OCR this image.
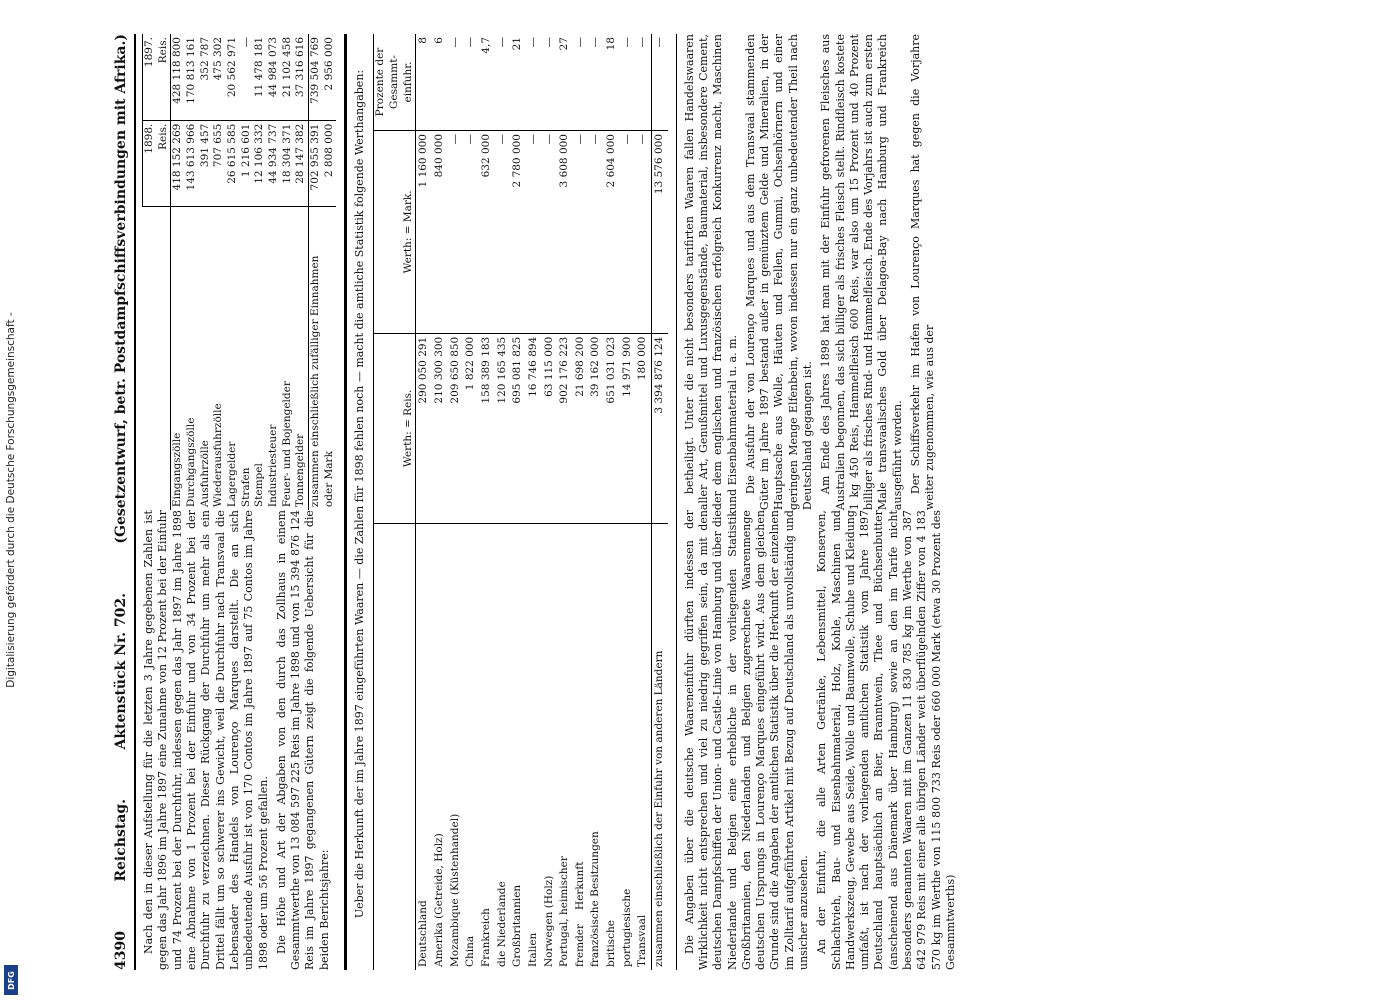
Digitalisierung gefördert durch die Deutsche Forschungsgemeinschaft -
DFG
4390
Reichstag.
Aktenstück Nr. 702.
(Gesetzentwurf, betr. Postdampfschiffsverbindungen mit Afrika.)

Nach den in dieser Aufstellung für die letzten 3 Jahre gegebenen Zahlen ist gegen das Jahr 1896 im Jahre 1897 eine Zunahme von 12 Prozent bei der Einfuhr und 74 Prozent bei der Durchfuhr, indessen gegen das Jahr 1897 im Jahre 1898 eine Abnahme von 1 Prozent bei der Einfuhr und von 34 Prozent bei der Durchfuhr zu verzeichnen. Dieser Rückgang der Durchfuhr um mehr als ein Drittel fällt um so schwerer ins Gewicht, weil die Durchfuhr nach Transvaal die Lebensader des Handels von Lourenço Marques darstellt. Die an sich unbedeutende Ausfuhr ist von 170 Contos im Jahre 1897 auf 75 Contos im Jahre 1898 oder um 56 Prozent gefallen. Die Höhe und Art der Abgaben von den durch das Zollhaus in einem Gesammtwerthe von 13 084 597 225 Reis im Jahre 1898 und von 15 394 876 124 Reis im Jahre 1897 gegangenen Gütern zeigt die folgende Uebersicht für die beiden Berichtsjahre:

	1898. Reis.	1897. Reis.
Eingangszölle	418 152 269	428 118 800
Durchgangszölle	143 613 966	170 813 161
Ausfuhrzölle	391 457	352 787
Wiederausfuhrzölle	707 655	475 302
Lagergelder	26 615 585	20 562 971
Strafen	1 216 601	—
Stempel	12 106 332	11 478 181
Industriesteuer	44 934 737	44 984 073
Feuer- und Bojengelder	18 304 371	21 102 458
Tonnengelder	28 147 382	37 316 616
zusammen einschließlich zufälliger Einnahmen	702 955 391	739 504 769
oder Mark	2 808 000	2 956 000

Ueber die Herkunft der im Jahre 1897 eingeführten Waaren — die Zahlen für 1898 fehlen noch — macht die amtliche Statistik folgende Werthangaben:

		Werth: = Reis.	Werth: = Mark.	Prozente der Gesammt-einfuhr.
Deutschland	290 050 291	1 160 000	8
Amerika (Getreide, Holz)	210 300 300	840 000	6
Mozambique (Küstenhandel)	209 650 850	—	—
China	1 822 000	—	—
Frankreich	158 389 183	632 000	4,7
die Niederlande	120 165 435	—	—
Großbritannien	695 081 825	2 780 000	21
Italien	16 746 894	—	—
Norwegen (Holz)	63 115 000	—	—
Portugal, heimischer	902 176 223	3 608 000	27
fremderHerkunft	21 698 200	—	—
französische Besitzungen	39 162 000	—	—
britische	651 031 023	2 604 000	18
portugiesische	14 971 900	—	—
Transvaal	180 000	—	—
zusammen einschließlich der Einfuhr von anderen Ländern	3 394 876 124	13 576 000	—

Die Angaben über die deutsche Waareneinfuhr dürften indessen der Wirklichkeit nicht entsprechen und viel zu niedrig gegriffen sein, da mit den deutschen Dampfschiffen der Union- und Castle-Linie von Hamburg und über die Niederlande und Belgien eine erhebliche in der vorliegenden Statistik Großbritannien, den Niederlanden und Belgien zugerechnete Waarenmenge deutschen Ursprungs in Lourenço Marques eingeführt wird. Aus dem gleichen Grunde sind die Angaben der amtlichen Statistik über die Herkunft der einzelnen im Zolltarif aufgeführten Artikel mit Bezug auf Deutschland als unvollständig und unsicher anzusehen. An der Einfuhr, die alle Arten Getränke, Lebensmittel, Konserven, Schlachtvieh, Bau- und Eisenbahnmaterial, Holz, Kohle, Maschinen und Handwerkszeug, Gewebe aus Seide, Wolle und Baumwolle, Schuhe und Kleidung umfaßt, ist nach der vorliegenden amtlichen Statistik vom Jahre 1897 Deutschland hauptsächlich an Bier, Branntwein, Thee und Büchsenbutter (anscheinend aus Dänemark über Hamburg) sowie an den im Tarife nicht besonders genannten Waaren mit im Ganzen 11 830 785 kg im Werthe von 387 642 979 Reis mit einer alle übrigen Länder weit überflügelnden Ziffer von 4 183 570 kg im Werthe von 115 800 733 Reis oder 660 000 Mark (etwa 30 Prozent des Gesammtwerths)

betheiligt. Unter die nicht besonders tarifirten Waaren fallen Handelswaaren aller Art, Genußmittel und Luxusgegenstände, Baumaterial, insbesondere Cement, der dem englischen und französischen erfolgreich Konkurrenz macht, Maschinen und Eisenbahnmaterial u. a. m. Die Ausfuhr der von Lourenço Marques und aus dem Transvaal stammenden Güter im Jahre 1897 bestand außer in gemünztem Gelde und Mineralien, in der Hauptsache aus Wolle, Häuten und Fellen, Gummi, Ochsenhörnern und einer geringen Menge Elfenbein, wovon indessen nur ein ganz unbedeutender Theil nach Deutschland gegangen ist. Am Ende des Jahres 1898 hat man mit der Einfuhr gefrorenen Fleisches aus Australien begonnen, das sich billiger als frisches Fleisch stellt. Rindfleisch kostete 1 kg 450 Reis, Hammelfleisch 600 Reis, war also um 15 Prozent und 40 Prozent billiger als frisches Rind- und Hammelfleisch. Ende des Vorjahrs ist auch zum ersten Male transvaalisches Gold über Delagoa-Bay nach Hamburg und Frankreich ausgeführt worden. Der Schiffsverkehr im Hafen von Lourenço Marques hat gegen die Vorjahre weiter zugenommen, wie aus der
